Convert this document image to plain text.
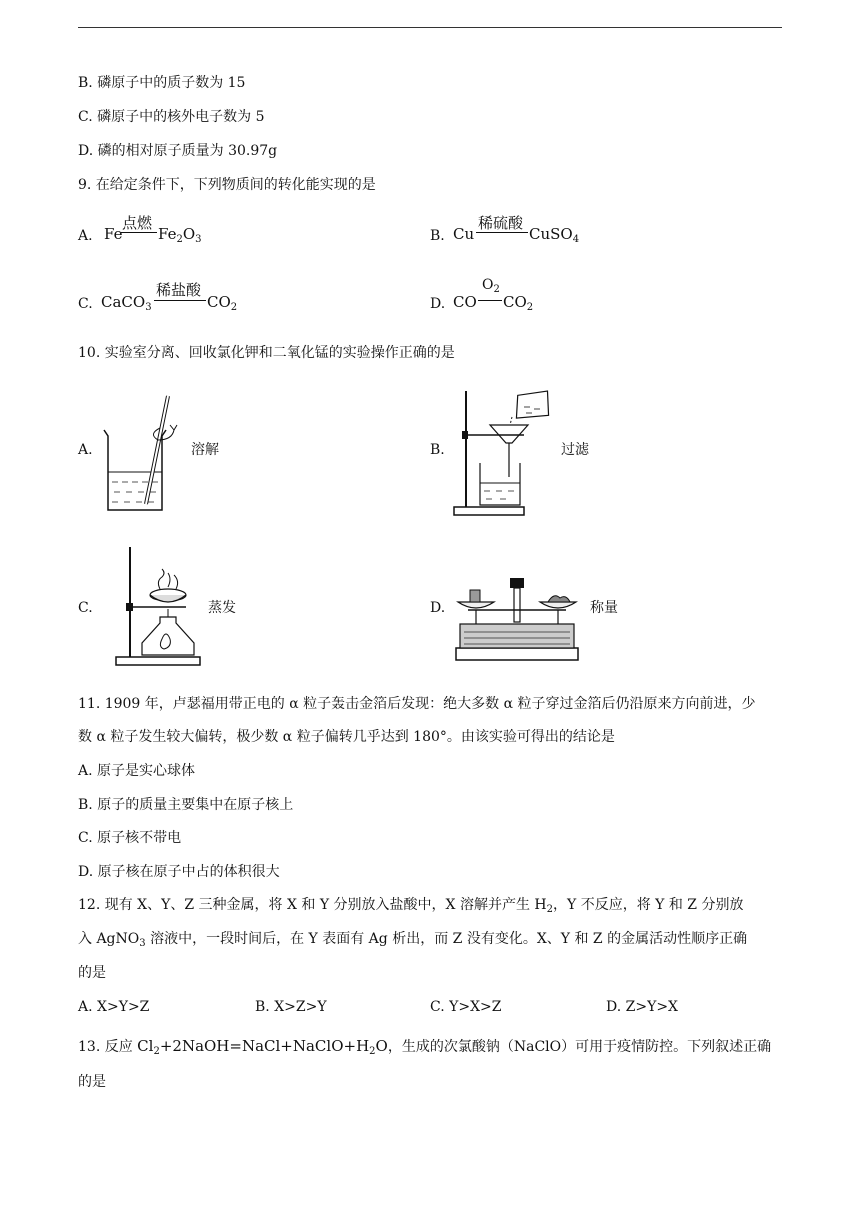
B. 磷原子中的质子数为 15
C. 磷原子中的核外电子数为 5
D. 磷的相对原子质量为 30.97g
9. 在给定条件下，下列物质间的转化能实现的是
A. Fe
点燃
$Fe_2O_3$	B. Cu
稀硫酸
CuSO$_4$
C. CaCO$_3$
稀盐酸
$CO_2$	D. CO
$O_2$
$CO_2$
10. 实验室分离、回收氯化钾和二氧化锰的实验操作正确的是
A.	溶解	B.	过滤
C.	蒸发	D.	称量
11. 1909 年，卢瑟福用带正电的 α 粒子轰击金箔后发现：绝大多数 α 粒子穿过金箔后仍沿原来方向前进，少
数 α 粒子发生较大偏转，极少数 α 粒子偏转几乎达到 180°。由该实验可得出的结论是
A. 原子是实心球体
B. 原子的质量主要集中在原子核上
C. 原子核不带电
D. 原子核在原子中占的体积很大
12. 现有 X、Y、Z 三种金属，将 X 和 Y 分别放入盐酸中，X 溶解并产生 $H_2$，Y 不反应，将 Y 和 Z 分别放
入 AgNO$_3$ 溶液中，一段时间后，在 Y 表面有 Ag 析出，而 Z 没有变化。X、Y 和 Z 的金属活动性顺序正确
的是
A. X>Y>Z	B. X>Z>Y	C. Y>X>Z	D. Z>Y>X
13. 反应 $Cl_2+2NaOH=NaCl+NaClO+H_2O$，生成的次氯酸钠（NaClO）可用于疫情防控。下列叙述正确
的是
